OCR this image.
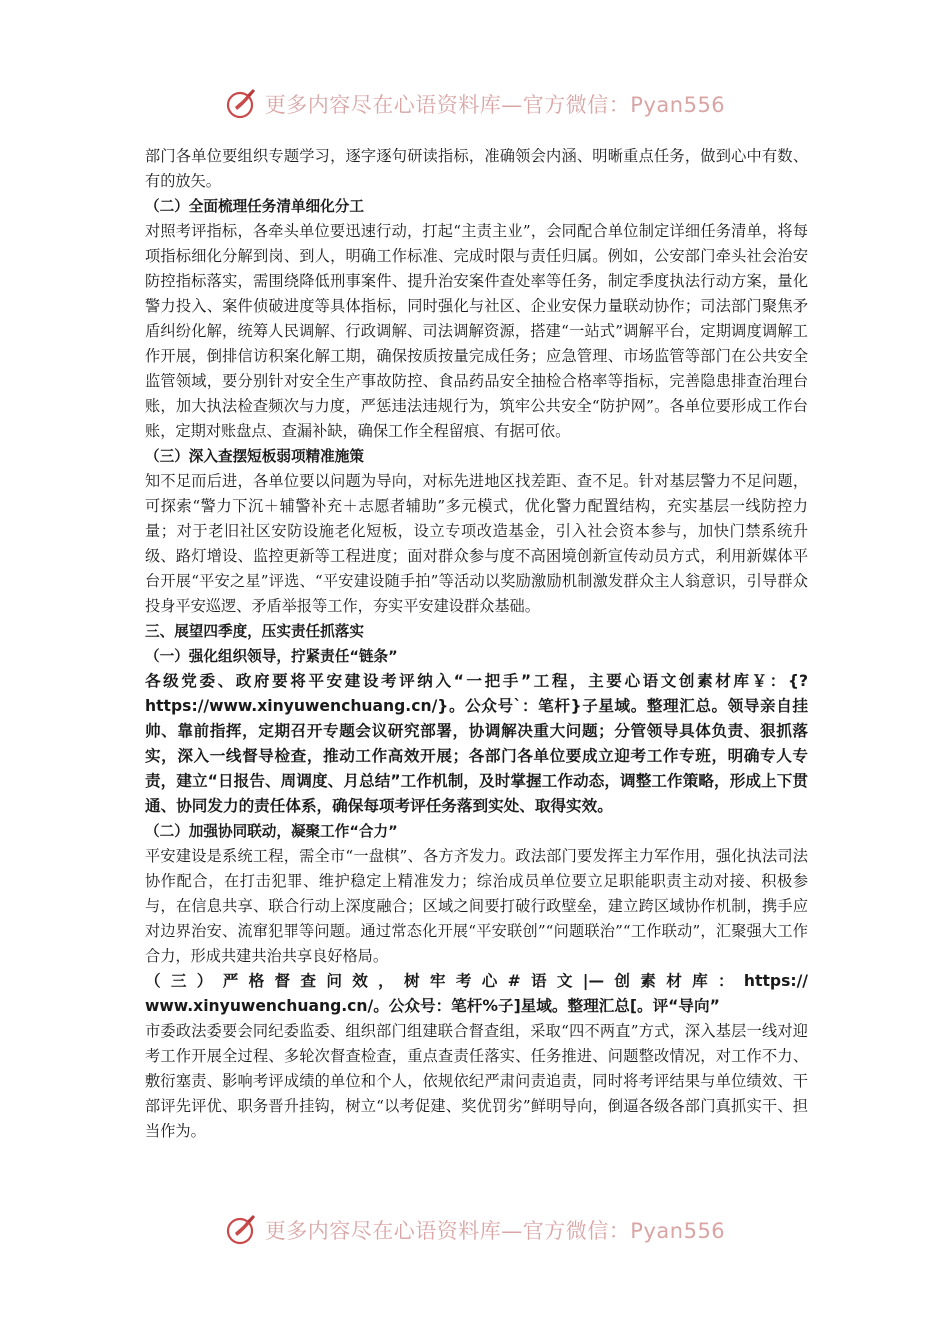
更多内容尽在心语资料库—官方微信：Pyan556

部门各单位要组织专题学习，逐字逐句研读指标，准确领会内涵、明晰重点任务，做到心中有数、有的放矢。

（二）全面梳理任务清单细化分工

对照考评指标，各牵头单位要迅速行动，打起“主责主业”，会同配合单位制定详细任务清单，将每项指标细化分解到岗、到人，明确工作标准、完成时限与责任归属。例如，公安部门牵头社会治安防控指标落实，需围绕降低刑事案件、提升治安案件查处率等任务，制定季度执法行动方案，量化警力投入、案件侦破进度等具体指标，同时强化与社区、企业安保力量联动协作；司法部门聚焦矛盾纠纷化解，统筹人民调解、行政调解、司法调解资源，搭建“一站式”调解平台，定期调度调解工作开展，倒排信访积案化解工期，确保按质按量完成任务；应急管理、市场监管等部门在公共安全监管领域，要分别针对安全生产事故防控、食品药品安全抽检合格率等指标，完善隐患排查治理台账，加大执法检查频次与力度，严惩违法违规行为，筑牢公共安全“防护网”。各单位要形成工作台账，定期对账盘点、查漏补缺，确保工作全程留痕、有据可依。

（三）深入查摆短板弱项精准施策

知不足而后进，各单位要以问题为导向，对标先进地区找差距、查不足。针对基层警力不足问题，可探索“警力下沉＋辅警补充＋志愿者辅助”多元模式，优化警力配置结构，充实基层一线防控力量；对于老旧社区安防设施老化短板，设立专项改造基金，引入社会资本参与，加快门禁系统升级、路灯增设、监控更新等工程进度；面对群众参与度不高困境创新宣传动员方式，利用新媒体平台开展“平安之星”评选、“平安建设随手拍”等活动以奖励激励机制激发群众主人翁意识，引导群众投身平安巡逻、矛盾举报等工作，夯实平安建设群众基础。

三、展望四季度，压实责任抓落实

（一）强化组织领导，拧紧责任“链条”

各级党委、政府要将平安建设考评纳入“一把手”工程，主要心语文创素材库￥：{?https://www.xinyuwenchuang.cn/}。公众号`：笔杆}子星域。整理汇总。领导亲自挂帅、靠前指挥，定期召开专题会议研究部署，协调解决重大问题；分管领导具体负责、狠抓落实，深入一线督导检查，推动工作高效开展；各部门各单位要成立迎考工作专班，明确专人专责，建立“日报告、周调度、月总结”工作机制，及时掌握工作动态，调整工作策略，形成上下贯通、协同发力的责任体系，确保每项考评任务落到实处、取得实效。

（二）加强协同联动，凝聚工作“合力”

平安建设是系统工程，需全市“一盘棋”、各方齐发力。政法部门要发挥主力军作用，强化执法司法协作配合，在打击犯罪、维护稳定上精准发力；综治成员单位要立足职能职责主动对接、积极参与，在信息共享、联合行动上深度融合；区域之间要打破行政壁垒，建立跨区域协作机制，携手应对边界治安、流窜犯罪等问题。通过常态化开展“平安联创”“问题联治”“工作联动”，汇聚强大工作合力，形成共建共治共享良好格局。

（三）严格督查问效，树牢考心#语文|—创素材库：https://

www.xinyuwenchuang.cn/。公众号：笔杆%子]星域。整理汇总[。评“导向”

市委政法委要会同纪委监委、组织部门组建联合督查组，采取“四不两直”方式，深入基层一线对迎考工作开展全过程、多轮次督查检查，重点查责任落实、任务推进、问题整改情况，对工作不力、敷衍塞责、影响考评成绩的单位和个人，依规依纪严肃问责追责，同时将考评结果与单位绩效、干部评先评优、职务晋升挂钩，树立“以考促建、奖优罚劣”鲜明导向，倒逼各级各部门真抓实干、担当作为。

更多内容尽在心语资料库—官方微信：Pyan556
